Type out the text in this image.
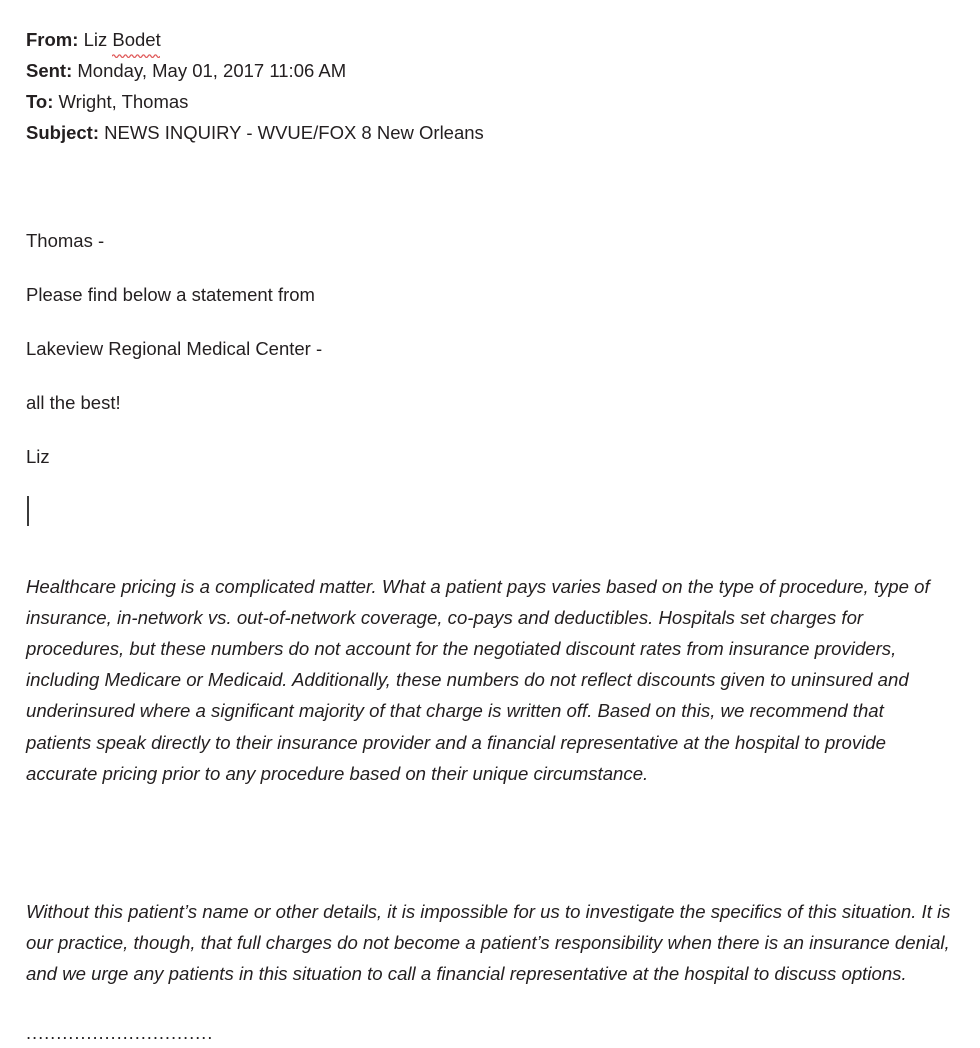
From: Liz Bodet
Sent: Monday, May 01, 2017 11:06 AM
To: Wright, Thomas
Subject: NEWS INQUIRY - WVUE/FOX 8 New Orleans

Thomas -

Please find below a statement from

Lakeview Regional Medical Center -

all the best!

Liz

Healthcare pricing is a complicated matter. What a patient pays varies based on the type of procedure, type of insurance, in-network vs. out-of-network coverage, co-pays and deductibles. Hospitals set charges for procedures, but these numbers do not account for the negotiated discount rates from insurance providers, including Medicare or Medicaid. Additionally, these numbers do not reflect discounts given to uninsured and underinsured where a significant majority of that charge is written off. Based on this, we recommend that patients speak directly to their insurance provider and a financial representative at the hospital to provide accurate pricing prior to any procedure based on their unique circumstance.

Without this patient’s name or other details, it is impossible for us to investigate the specifics of this situation. It is our practice, though, that full charges do not become a patient’s responsibility when there is an insurance denial, and we urge any patients in this situation to call a financial representative at the hospital to discuss options.

...............................
